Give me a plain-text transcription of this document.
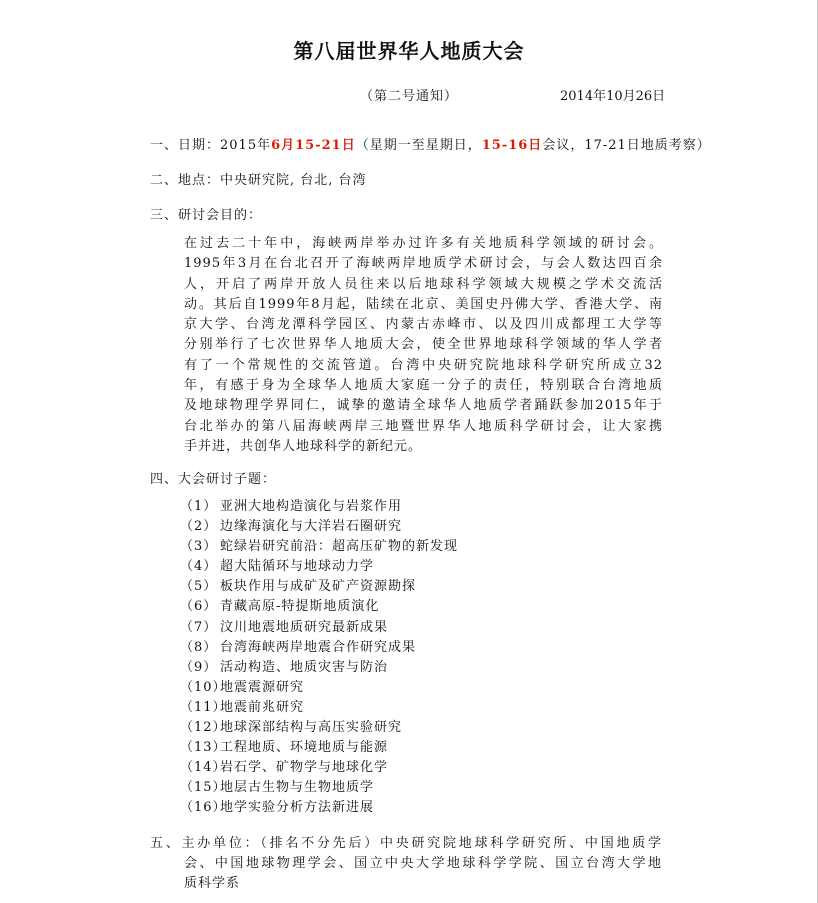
第八届世界华人地质大会
（第二号通知）	2014年10月26日
一、日期：2015年6月15-21日（星期一至星期日，15-16日会议，17-21日地质考察）
二、地点：中央研究院, 台北, 台湾
三、研讨会目的：
在过去二十年中，海峡两岸举办过许多有关地质科学领域的研讨会。
1995年3月在台北召开了海峡两岸地质学术研讨会，与会人数达四百余
人，开启了两岸开放人员往来以后地球科学领域大规模之学术交流活
动。其后自1999年8月起，陆续在北京、美国史丹佛大学、香港大学、南
京大学、台湾龙潭科学园区、内蒙古赤峰市、以及四川成都理工大学等
分别举行了七次世界华人地质大会，使全世界地球科学领域的华人学者
有了一个常规性的交流管道。台湾中央研究院地球科学研究所成立32
年，有感于身为全球华人地质大家庭一分子的责任，特别联合台湾地质
及地球物理学界同仁，诚挚的邀请全球华人地质学者踊跃参加2015年于
台北举办的第八届海峡两岸三地暨世界华人地质科学研讨会，让大家携
手并进，共创华人地球科学的新纪元。
四、大会研讨子题：
（1） 亚洲大地构造演化与岩浆作用
（2） 边缘海演化与大洋岩石圈研究
（3） 蛇绿岩研究前沿：超高压矿物的新发现
（4） 超大陆循环与地球动力学
（5） 板块作用与成矿及矿产资源勘探
（6） 青藏高原-特提斯地质演化
（7） 汶川地震地质研究最新成果
（8） 台湾海峡两岸地震合作研究成果
（9） 活动构造、地质灾害与防治
（10）
地震震源研究
（11）
地震前兆研究
（12）
地球深部结构与高压实验研究
（13）
工程地质、环境地质与能源
（14）
岩石学、矿物学与地球化学
（15）
地层古生物与生物地质学
（16）
地学实验分析方法新进展
五、主办单位：（排名不分先后）中央研究院地球科学研究所、中国地质学
会、中国地球物理学会、国立中央大学地球科学学院、国立台湾大学地
质科学系
